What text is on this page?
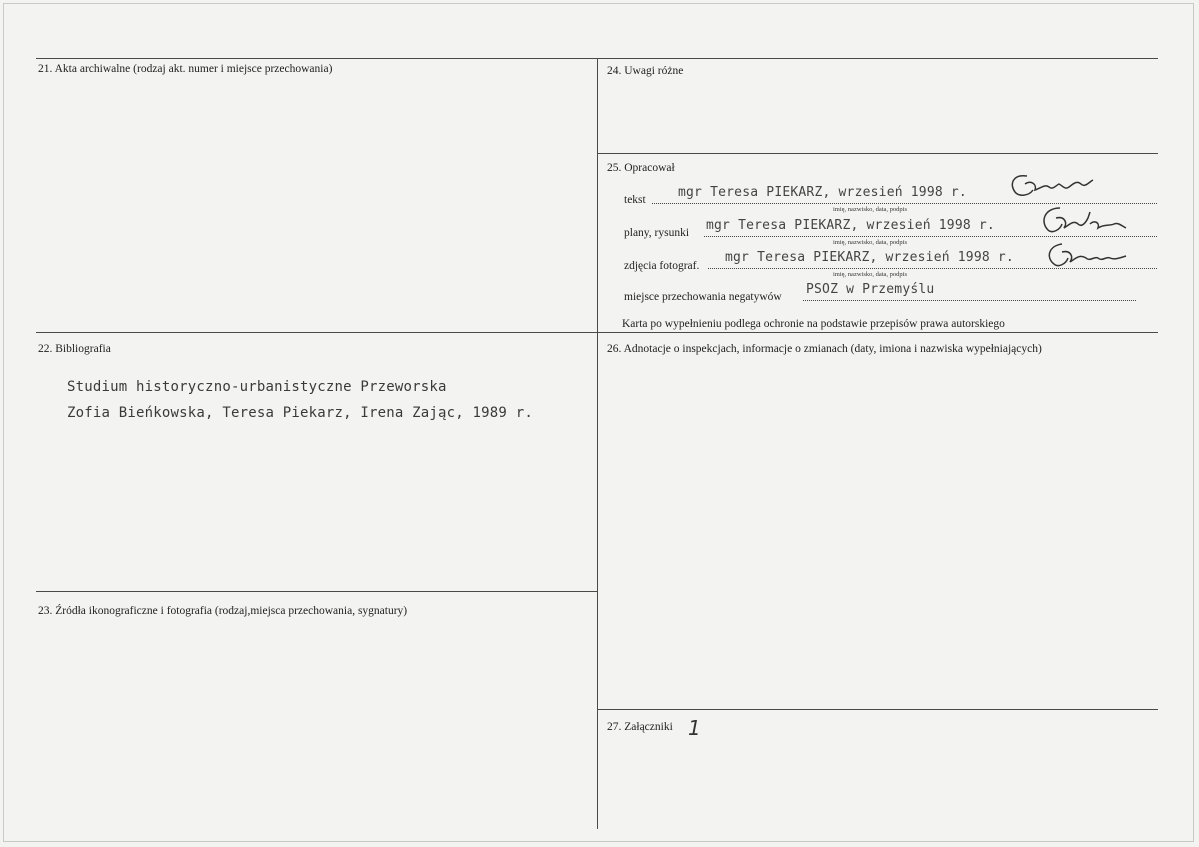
21. Akta archiwalne (rodzaj akt. numer i miejsce przechowania)
22. Bibliografia
Studium historyczno-urbanistyczne Przeworska
Zofia Bieńkowska, Teresa Piekarz, Irena Zając, 1989 r.
23. Źródła ikonograficzne i fotografia (rodzaj,miejsca przechowania, sygnatury)
24. Uwagi różne
25. Opracował
tekst mgr Teresa PIEKARZ, wrzesień 1998 r.
imię, nazwisko, data, podpis
plany, rysunki mgr Teresa PIEKARZ, wrzesień 1998 r.
imię, nazwisko, data, podpis
zdjęcia fotograf.
mgr Teresa PIEKARZ, wrzesień 1998 r.
imię, nazwisko, data, podpis
miejsce przechowania negatywów PSOZ w Przemyślu
Karta po wypełnieniu podlega ochronie na podstawie przepisów prawa autorskiego
26. Adnotacje o inspekcjach, informacje o zmianach (daty, imiona i nazwiska wypełniających)
27. Załączniki 1
